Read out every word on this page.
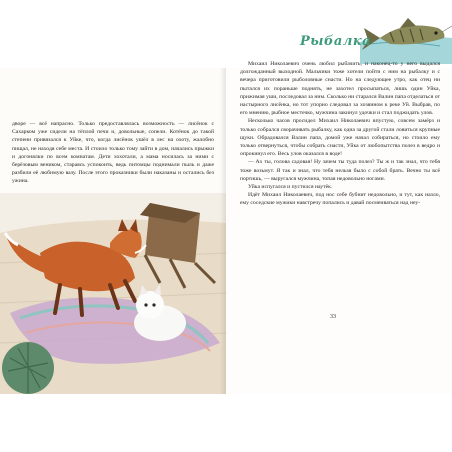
дворе — всё напрасно. Только предоставлялась возможность — лисёнок с Сахарком уже сидели на тёплой печи и, довольные, сопели. Котёнок до такой степени привязался к Уйке, что, когда лисёнок ушёл в лес на охоту, жалобно пищал, не находя себе места. И стоило только тому зайти в дом, начались прыжки и догонялки по всем комнатам. Дети хохотали, а мама носилась за ними с берёзовым веником, стараясь успокоить, ведь питомцы поднимали пыль и даже разбили её любимую вазу. После этого проказники были наказаны и остались без ужина.
Рыбалка

Михаил Николаевич очень любил рыбачить, и наконец-то у него выдался долгожданный выходной. Мальчики тоже хотели пойти с ним на рыбалку и с вечера приготовили рыболовные снасти. Но на следующее утро, как отец ни пытался их пораньше поднять, не захотел просыпаться, лишь один Уйка, прижимая уши, последовал за ним. Сколько ни старался Валин папа отделаться от настырного лисёнка, но тот упорно следовал за хозяином к реке Уй. Выбрав, по его мнению, рыбное местечко, мужчина закинул удочки и стал поджидать улов.

Несколько часов просидел Михаил Николаевич впустую, совсем замёрз и только собрался сворачивать рыбалку, как одна за другой стали ловиться крупные щуки. Обрадовался Валин папа, домой уже начал собираться, но стоило ему только отвернуться, чтобы собрать снасти, Уйка от любопытства полез в ведро и опрокинул его. Весь улов оказался в воде!

— Ах ты, голова садовая! Ну зачем ты туда полез? Ты ж и так знал, что тебя тоже возьмут. Я так и знал, что тебя нельзя было с собой брать. Вечно ты всё портишь, — выругался мужчина, топая недовольно ногами.

Уйка испугался и пустился наутёк.

Идёт Михаил Николаевич, под нос себе бубнит недовольно, и тут, как назло, ему соседские мужики навстречу попались и давай посмеиваться над неу-

33
